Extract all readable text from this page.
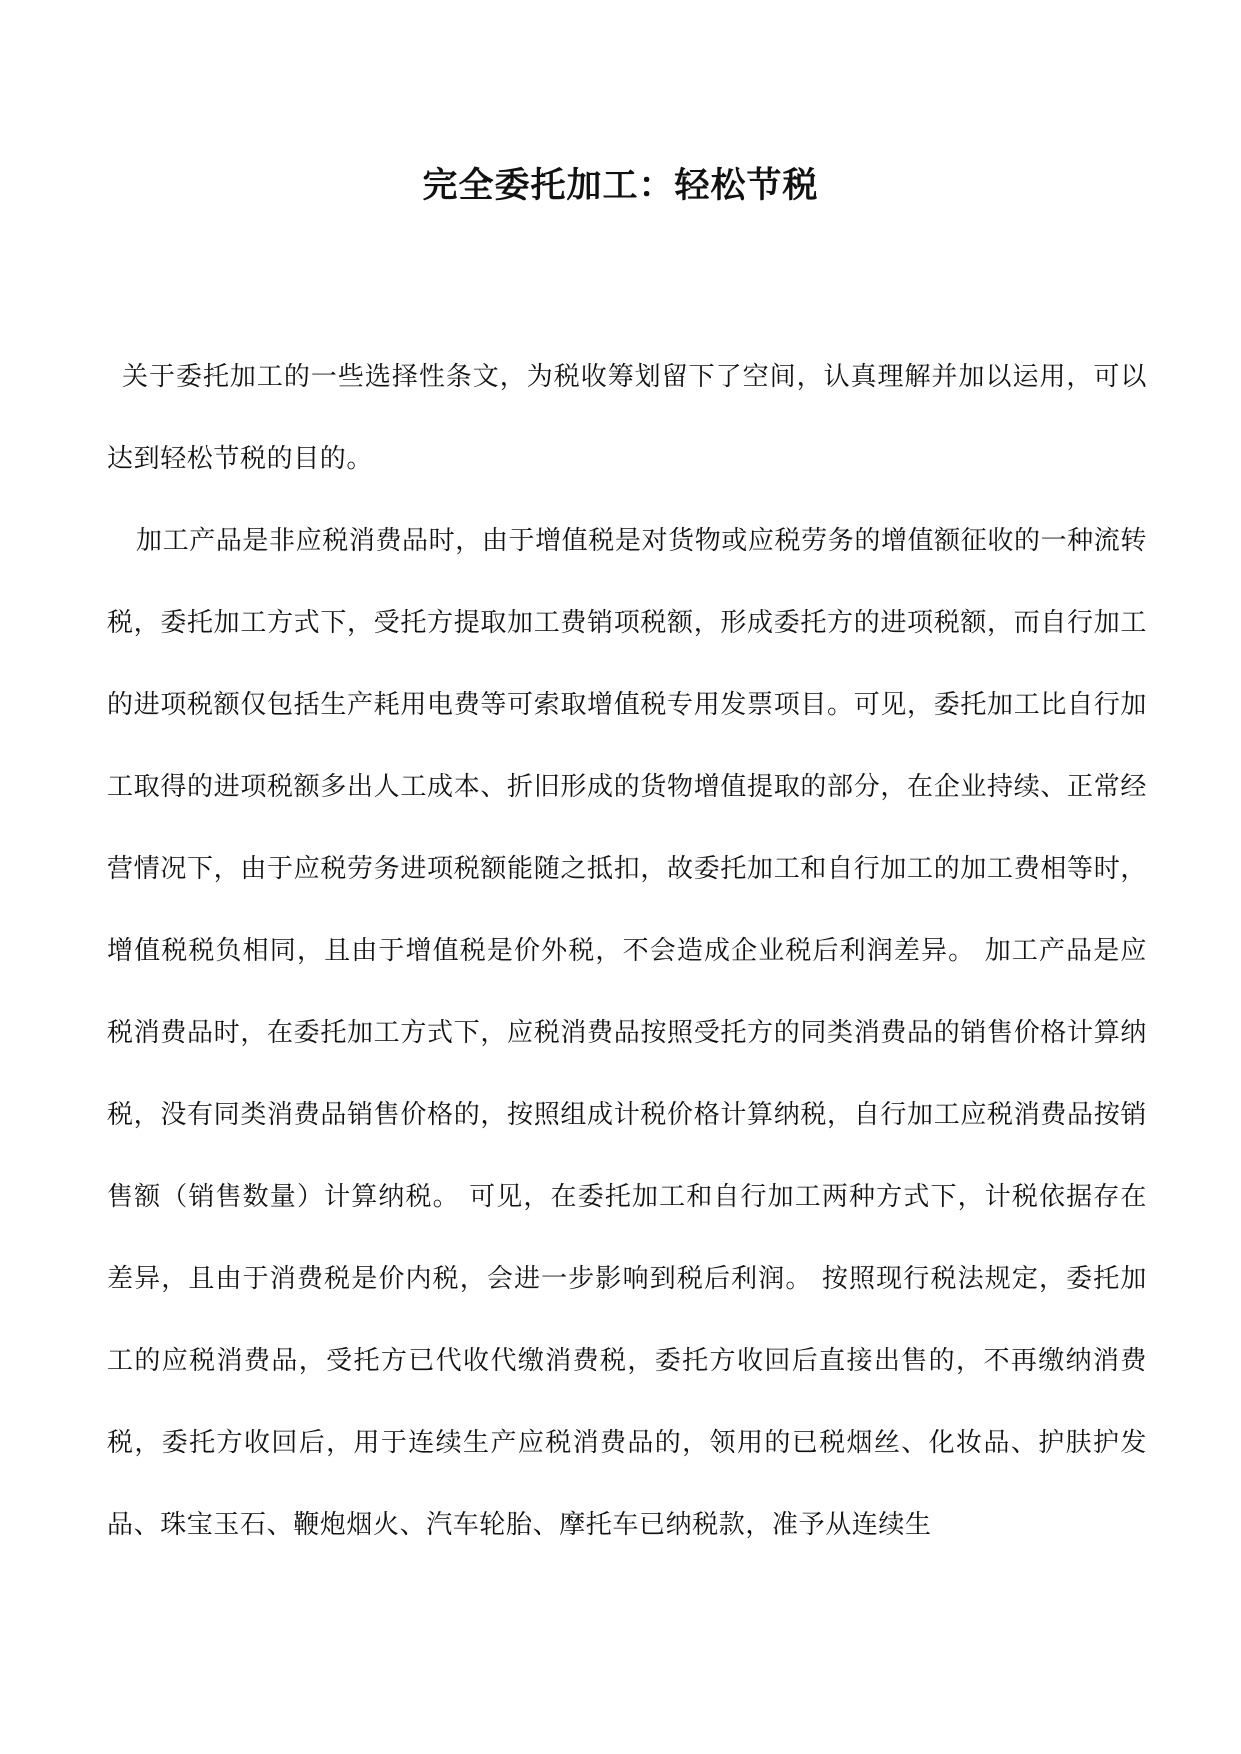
完全委托加工：轻松节税

关于委托加工的一些选择性条文，为税收筹划留下了空间，认真理解并加以运用，可以达到轻松节税的目的。

加工产品是非应税消费品时，由于增值税是对货物或应税劳务的增值额征收的一种流转税，委托加工方式下，受托方提取加工费销项税额，形成委托方的进项税额，而自行加工的进项税额仅包括生产耗用电费等可索取增值税专用发票项目。可见，委托加工比自行加工取得的进项税额多出人工成本、折旧形成的货物增值提取的部分，在企业持续、正常经营情况下，由于应税劳务进项税额能随之抵扣，故委托加工和自行加工的加工费相等时，增值税税负相同，且由于增值税是价外税，不会造成企业税后利润差异。 加工产品是应税消费品时，在委托加工方式下，应税消费品按照受托方的同类消费品的销售价格计算纳税，没有同类消费品销售价格的，按照组成计税价格计算纳税，自行加工应税消费品按销售额（销售数量）计算纳税。 可见，在委托加工和自行加工两种方式下，计税依据存在差异，且由于消费税是价内税，会进一步影响到税后利润。 按照现行税法规定，委托加工的应税消费品，受托方已代收代缴消费税，委托方收回后直接出售的，不再缴纳消费税，委托方收回后，用于连续生产应税消费品的，领用的已税烟丝、化妆品、护肤护发品、珠宝玉石、鞭炮烟火、汽车轮胎、摩托车已纳税款，准予从连续生
